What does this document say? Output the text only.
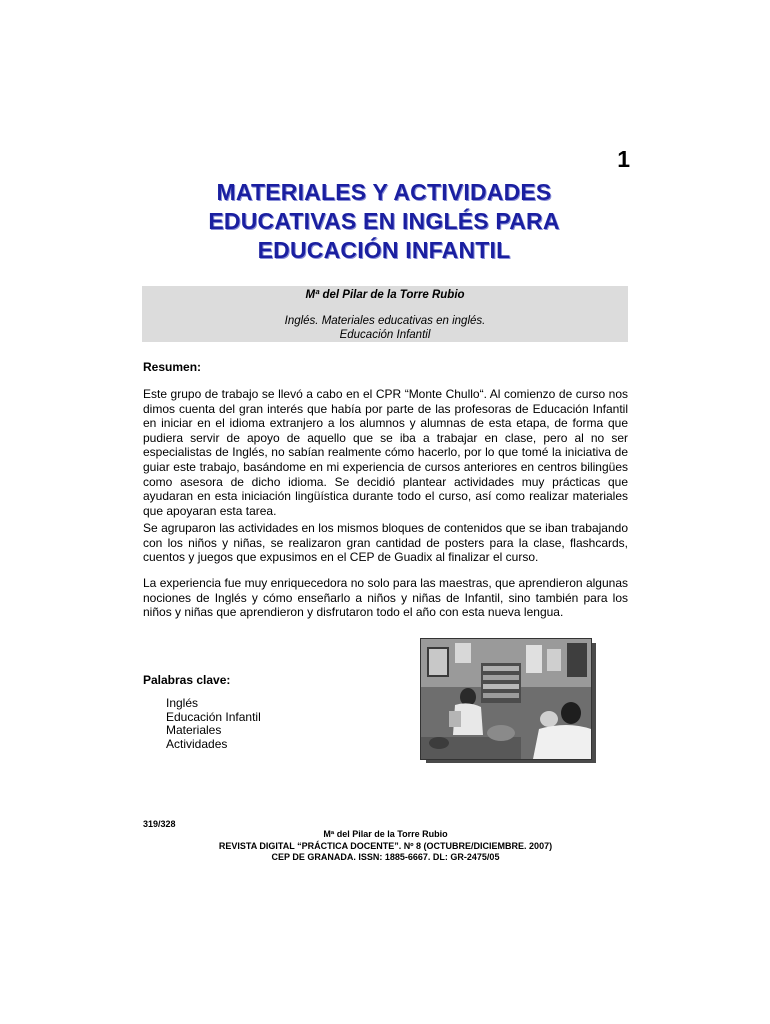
1
MATERIALES Y ACTIVIDADES
EDUCATIVAS EN INGLÉS PARA
EDUCACIÓN INFANTIL
Mª del Pilar de la Torre Rubio
Inglés. Materiales educativas en inglés.
Educación Infantil
Resumen:
Este grupo de trabajo se llevó a cabo en el CPR “Monte Chullo“. Al comienzo de curso nos dimos cuenta del gran interés que había por parte de las profesoras de Educación Infantil en iniciar en el idioma extranjero a los alumnos y alumnas de esta etapa, de forma que pudiera servir de apoyo de aquello que se iba a trabajar en clase, pero al no ser especialistas de Inglés, no sabían realmente cómo hacerlo, por lo que tomé la iniciativa de guiar este trabajo, basándome en mi experiencia de cursos anteriores en centros bilingües como asesora de dicho idioma. Se decidió plantear actividades muy prácticas que ayudaran en esta iniciación lingüística durante todo el curso, así como realizar materiales que apoyaran esta tarea.
Se agruparon las actividades en los mismos bloques de contenidos que se iban trabajando con los niños y niñas, se realizaron gran cantidad de posters para la clase, flashcards, cuentos y juegos que expusimos en el CEP de Guadix al finalizar el curso.
La experiencia fue muy enriquecedora no solo para las maestras, que aprendieron algunas nociones de Inglés y cómo enseñarlo a niños y niñas de Infantil, sino también para los niños y niñas que aprendieron y disfrutaron todo el año con esta nueva lengua.
Palabras clave:
Inglés
Educación Infantil
Materiales
Actividades
319/328
Mª del Pilar de la Torre Rubio
REVISTA DIGITAL “PRÁCTICA DOCENTE”. Nº 8 (OCTUBRE/DICIEMBRE. 2007)
CEP DE GRANADA. ISSN: 1885-6667. DL: GR-2475/05
